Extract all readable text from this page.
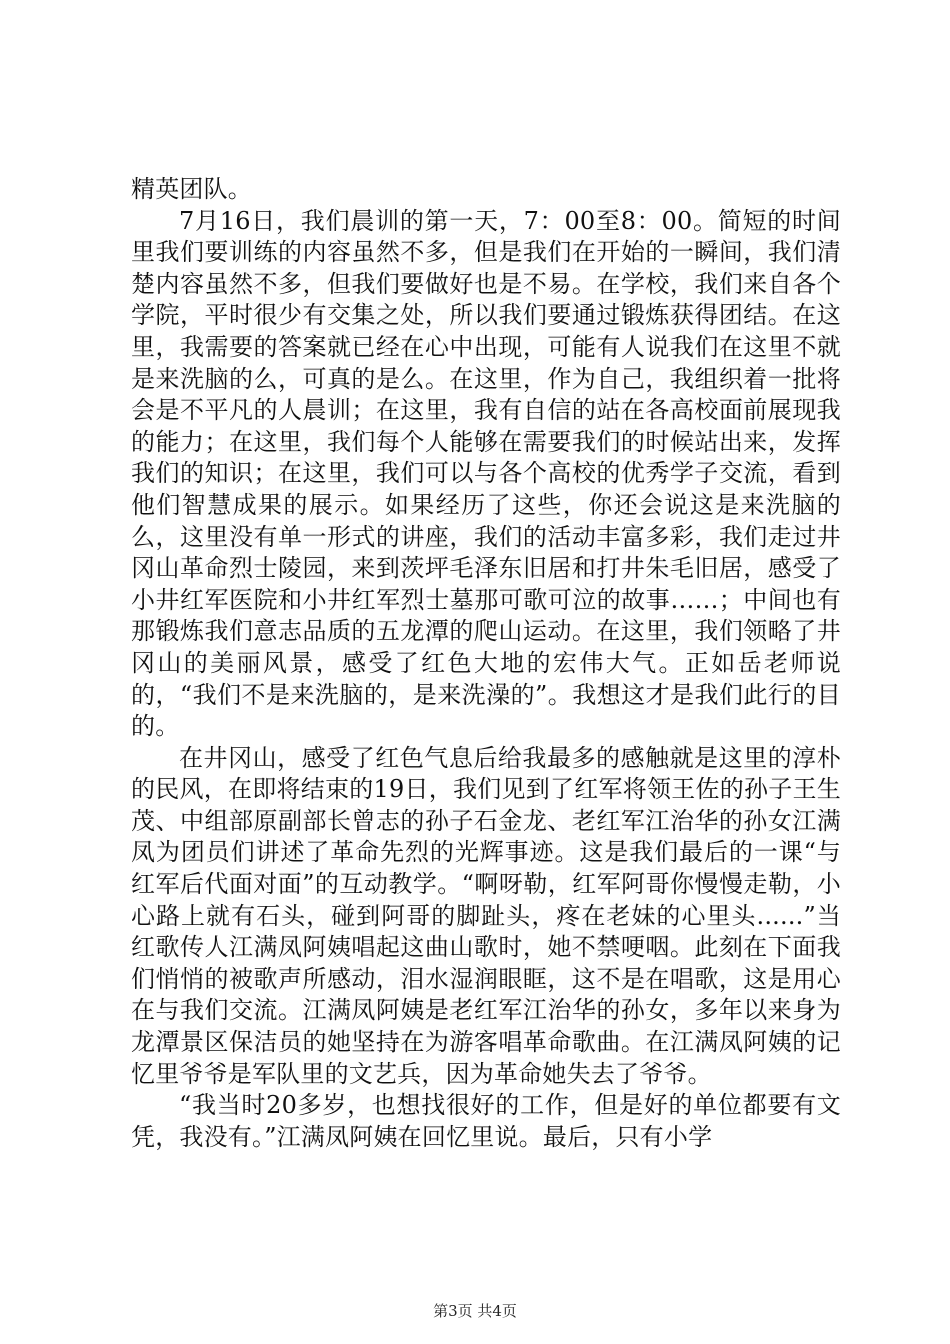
精英团队。

7月16日，我们晨训的第一天，7：00至8：00。简短的时间里我们要训练的内容虽然不多，但是我们在开始的一瞬间，我们清楚内容虽然不多，但我们要做好也是不易。在学校，我们来自各个学院，平时很少有交集之处，所以我们要通过锻炼获得团结。在这里，我需要的答案就已经在心中出现，可能有人说我们在这里不就是来洗脑的么，可真的是么。在这里，作为自己，我组织着一批将会是不平凡的人晨训；在这里，我有自信的站在各高校面前展现我的能力；在这里，我们每个人能够在需要我们的时候站出来，发挥我们的知识；在这里，我们可以与各个高校的优秀学子交流，看到他们智慧成果的展示。如果经历了这些，你还会说这是来洗脑的么，这里没有单一形式的讲座，我们的活动丰富多彩，我们走过井冈山革命烈士陵园，来到茨坪毛泽东旧居和打井朱毛旧居，感受了小井红军医院和小井红军烈士墓那可歌可泣的故事……；中间也有那锻炼我们意志品质的五龙潭的爬山运动。在这里，我们领略了井冈山的美丽风景，感受了红色大地的宏伟大气。正如岳老师说的，“我们不是来洗脑的，是来洗澡的”。我想这才是我们此行的目的。

在井冈山，感受了红色气息后给我最多的感触就是这里的淳朴的民风，在即将结束的19日，我们见到了红军将领王佐的孙子王生茂、中组部原副部长曾志的孙子石金龙、老红军江治华的孙女江满凤为团员们讲述了革命先烈的光辉事迹。这是我们最后的一课“与红军后代面对面”的互动教学。“啊呀勒，红军阿哥你慢慢走勒，小心路上就有石头，碰到阿哥的脚趾头，疼在老妹的心里头......”当红歌传人江满凤阿姨唱起这曲山歌时，她不禁哽咽。此刻在下面我们悄悄的被歌声所感动，泪水湿润眼眶，这不是在唱歌，这是用心在与我们交流。江满凤阿姨是老红军江治华的孙女，多年以来身为龙潭景区保洁员的她坚持在为游客唱革命歌曲。在江满凤阿姨的记忆里爷爷是军队里的文艺兵，因为革命她失去了爷爷。

“我当时20多岁，也想找很好的工作，但是好的单位都要有文凭，我没有。”江满凤阿姨在回忆里说。最后，只有小学

第3页 共4页
